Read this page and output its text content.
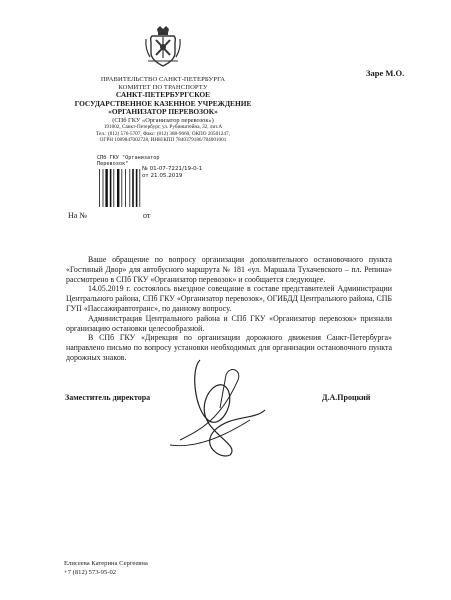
ПРАВИТЕЛЬСТВО САНКТ-ПЕТЕРБУРГА
КОМИТЕТ ПО ТРАНСПОРТУ
САНКТ-ПЕТЕРБУРГСКОЕ
ГОСУДАРСТВЕННОЕ КАЗЕННОЕ УЧРЕЖДЕНИЕ
«ОРГАНИЗАТОР ПЕРЕВОЗОК»
(СПб ГКУ «Организатор перевозок»)
191002, Санкт-Петербург, ул. Рубинштейна, 32, лит.А
Тел.: (812) 576-5707, Факс: (812) 388-9660, ОКПО 20501247,
ОГРН 1089847002728, ИНН/КПП 7840379186/784001001
Заре М.О.
СПб ГКУ "Организатор Перевозок"
№ 01-07-7221/19-0-1
от 21.05.2019
На №	от

Ваше обращение по вопросу организации дополнительного остановочного пункта «Гостиный Двор» для автобусного маршрута № 181 «ул. Маршала Тухачевского – пл. Репина» рассмотрено в СПб ГКУ «Организатор перевозок» и сообщается следующее.

14.05.2019 г. состоялось выездное совещание в составе представителей Администрации Центрального района, СПб ГКУ «Организатор перевозок», ОГИБДД Центрального района, СПБ ГУП «Пассажиравтотранс», по данному вопросу.

Администрация Центрального района и СПб ГКУ «Организатор перевозок» признали организацию остановки целесообразной.

В СПб ГКУ «Дирекция по организации дорожного движения Санкт-Петербурга» направлено письмо по вопросу установки необходимых для организации остановочного пункта дорожных знаков.

Заместитель директора	Д.А.Процкий
Елисеева Катерина Сергеевна
+7 (812) 573-95-02
